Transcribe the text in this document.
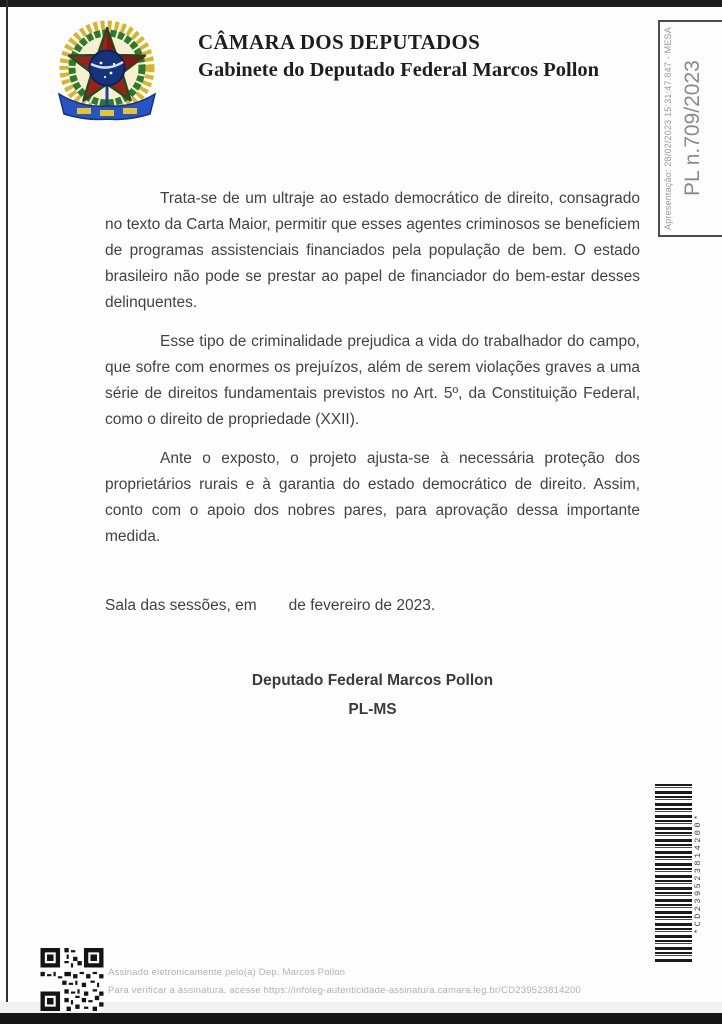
CÂMARA DOS DEPUTADOS
Gabinete do Deputado Federal Marcos Pollon	Apresentação: 28/02/2023 15:31:47.847 - MESA PL n.709/2023

Trata-se de um ultraje ao estado democrático de direito, consagrado no texto da Carta Maior, permitir que esses agentes criminosos se beneficiem de programas assistenciais financiados pela população de bem. O estado brasileiro não pode se prestar ao papel de financiador do bem-estar desses delinquentes.

Esse tipo de criminalidade prejudica a vida do trabalhador do campo, que sofre com enormes os prejuízos, além de serem violações graves a uma série de direitos fundamentais previstos no Art. 5º, da Constituição Federal, como o direito de propriedade (XXII).

Ante o exposto, o projeto ajusta-se à necessária proteção dos proprietários rurais e à garantia do estado democrático de direito. Assim, conto com o apoio dos nobres pares, para aprovação dessa importante medida.

Sala das sessões, em de fevereiro de 2023.
Deputado Federal Marcos Pollon
PL-MS
*CD239523814200*
Assinado eletronicamente pelo(a) Dep. Marcos Pollon
Para verificar a assinatura, acesse https://infoleg-autenticidade-assinatura.camara.leg.br/CD239523814200
